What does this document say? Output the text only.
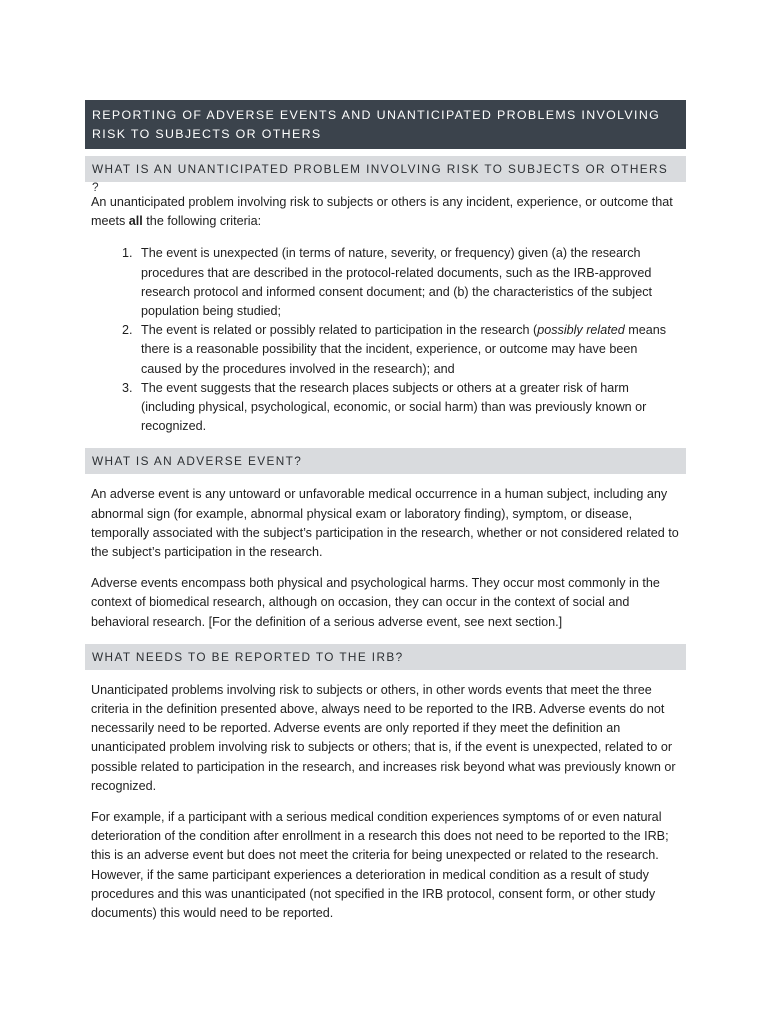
REPORTING OF ADVERSE EVENTS AND UNANTICIPATED PROBLEMS INVOLVING RISK TO SUBJECTS OR OTHERS
WHAT IS AN UNANTICIPATED PROBLEM INVOLVING RISK TO SUBJECTS OR OTHERS ?

An unanticipated problem involving risk to subjects or others is any incident, experience, or outcome that meets all the following criteria:

1. The event is unexpected (in terms of nature, severity, or frequency) given (a) the research procedures that are described in the protocol-related documents, such as the IRB-approved research protocol and informed consent document; and (b) the characteristics of the subject population being studied;
2. The event is related or possibly related to participation in the research (possibly related means there is a reasonable possibility that the incident, experience, or outcome may have been caused by the procedures involved in the research); and
3. The event suggests that the research places subjects or others at a greater risk of harm (including physical, psychological, economic, or social harm) than was previously known or recognized.
WHAT IS AN ADVERSE EVENT?

An adverse event is any untoward or unfavorable medical occurrence in a human subject, including any abnormal sign (for example, abnormal physical exam or laboratory finding), symptom, or disease, temporally associated with the subject’s participation in the research, whether or not considered related to the subject’s participation in the research.

Adverse events encompass both physical and psychological harms. They occur most commonly in the context of biomedical research, although on occasion, they can occur in the context of social and behavioral research. [For the definition of a serious adverse event, see next section.]

WHAT NEEDS TO BE REPORTED TO THE IRB?

Unanticipated problems involving risk to subjects or others, in other words events that meet the three criteria in the definition presented above, always need to be reported to the IRB. Adverse events do not necessarily need to be reported. Adverse events are only reported if they meet the definition an unanticipated problem involving risk to subjects or others; that is, if the event is unexpected, related to or possible related to participation in the research, and increases risk beyond what was previously known or recognized.

For example, if a participant with a serious medical condition experiences symptoms of or even natural deterioration of the condition after enrollment in a research this does not need to be reported to the IRB; this is an adverse event but does not meet the criteria for being unexpected or related to the research. However, if the same participant experiences a deterioration in medical condition as a result of study procedures and this was unanticipated (not specified in the IRB protocol, consent form, or other study documents) this would need to be reported.
